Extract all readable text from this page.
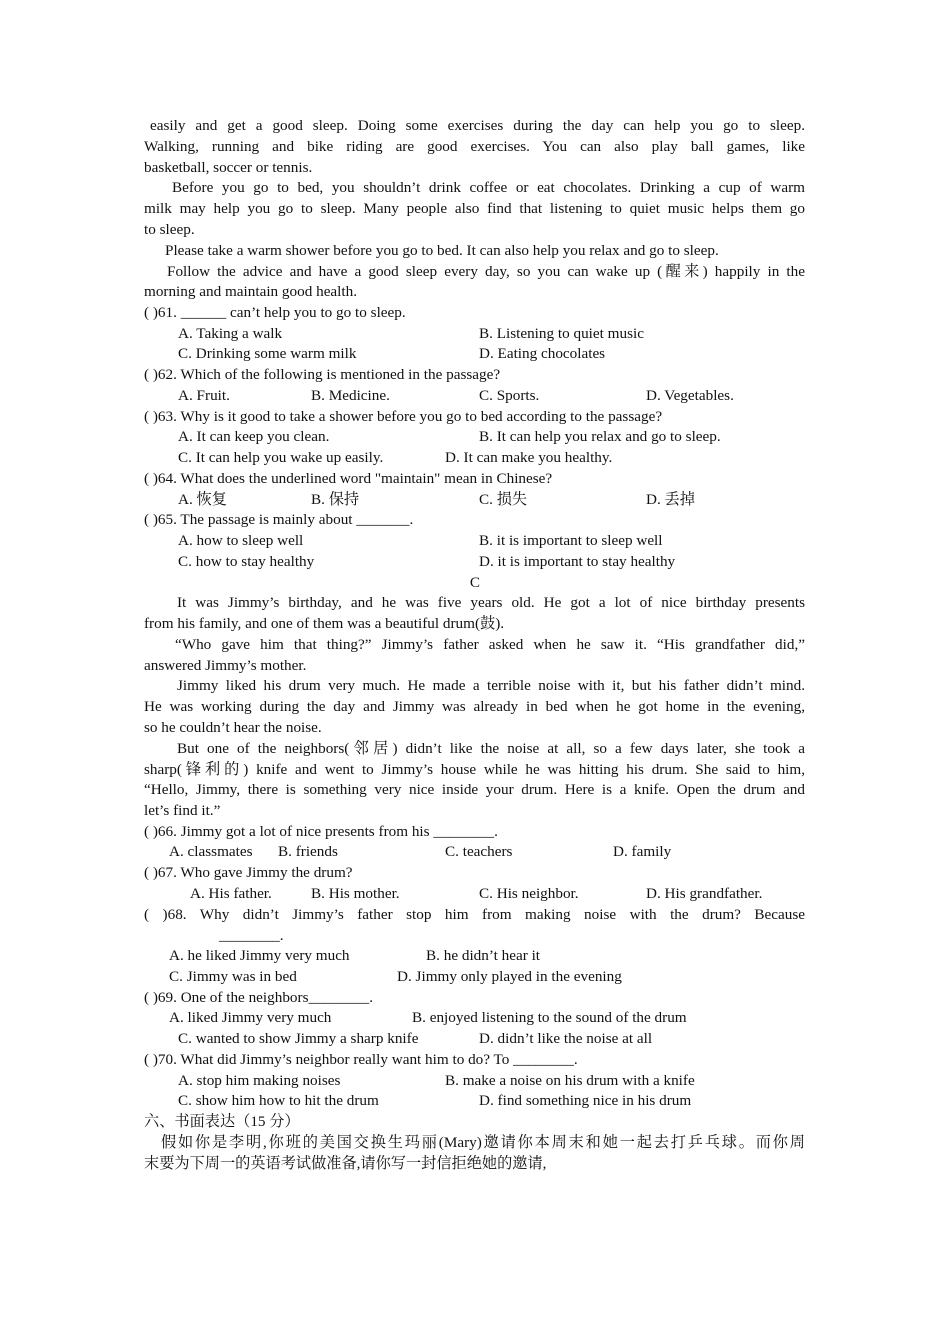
easily and get a good sleep. Doing some exercises during the day can help you go to sleep.
Walking, running and bike riding are good exercises. You can also play ball games, like
basketball, soccer or tennis.
Before you go to bed, you shouldn’t drink coffee or eat chocolates. Drinking a cup of warm
milk may help you go to sleep. Many people also find that listening to quiet music helps them go
to sleep.
Please take a warm shower before you go to bed. It can also help you relax and go to sleep.
Follow the advice and have a good sleep every day, so you can wake up (醒来) happily in the
morning and maintain good health.
( )61. ______ can’t help you to go to sleep.
A. Taking a walk	B. Listening to quiet music
C. Drinking some warm milk	D. Eating chocolates
( )62. Which of the following is mentioned in the passage?
A. Fruit.	B. Medicine.	C. Sports.	D. Vegetables.
( )63. Why is it good to take a shower before you go to bed according to the passage?
A. It can keep you clean.	B. It can help you relax and go to sleep.
C. It can help you wake up easily.	D. It can make you healthy.
( )64. What does the underlined word "maintain" mean in Chinese?
A. 恢复	B. 保持	C. 损失	D. 丢掉
( )65. The passage is mainly about _______.
A. how to sleep well	B. it is important to sleep well
C. how to stay healthy	D. it is important to stay healthy
C
It was Jimmy’s birthday, and he was five years old. He got a lot of nice birthday presents
from his family, and one of them was a beautiful drum(鼓).
“Who gave him that thing?” Jimmy’s father asked when he saw it. “His grandfather did,”
answered Jimmy’s mother.
Jimmy liked his drum very much. He made a terrible noise with it, but his father didn’t mind.
He was working during the day and Jimmy was already in bed when he got home in the evening,
so he couldn’t hear the noise.
But one of the neighbors(邻居) didn’t like the noise at all, so a few days later, she took a
sharp(锋利的) knife and went to Jimmy’s house while he was hitting his drum. She said to him,
“Hello, Jimmy, there is something very nice inside your drum. Here is a knife. Open the drum and
let’s find it.”
( )66. Jimmy got a lot of nice presents from his ________.
A. classmates B. friends	C. teachers	D. family
( )67. Who gave Jimmy the drum?
A. His father.	B. His mother.	C. His neighbor.	D. His grandfather.
( )68. Why didn’t Jimmy’s father stop him from making noise with the drum? Because
________.
A. he liked Jimmy very much	B. he didn’t hear it
C. Jimmy was in bed	D. Jimmy only played in the evening
( )69. One of the neighbors________.
A. liked Jimmy very much	B. enjoyed listening to the sound of the drum
C. wanted to show Jimmy a sharp knife	D. didn’t like the noise at all
( )70. What did Jimmy’s neighbor really want him to do? To ________.
A. stop him making noises	B. make a noise on his drum with a knife
C. show him how to hit the drum	D. find something nice in his drum
六、书面表达（15 分）
假如你是李明,你班的美国交换生玛丽(Mary)邀请你本周末和她一起去打乒乓球。而你周
末要为下周一的英语考试做准备,请你写一封信拒绝她的邀请,
